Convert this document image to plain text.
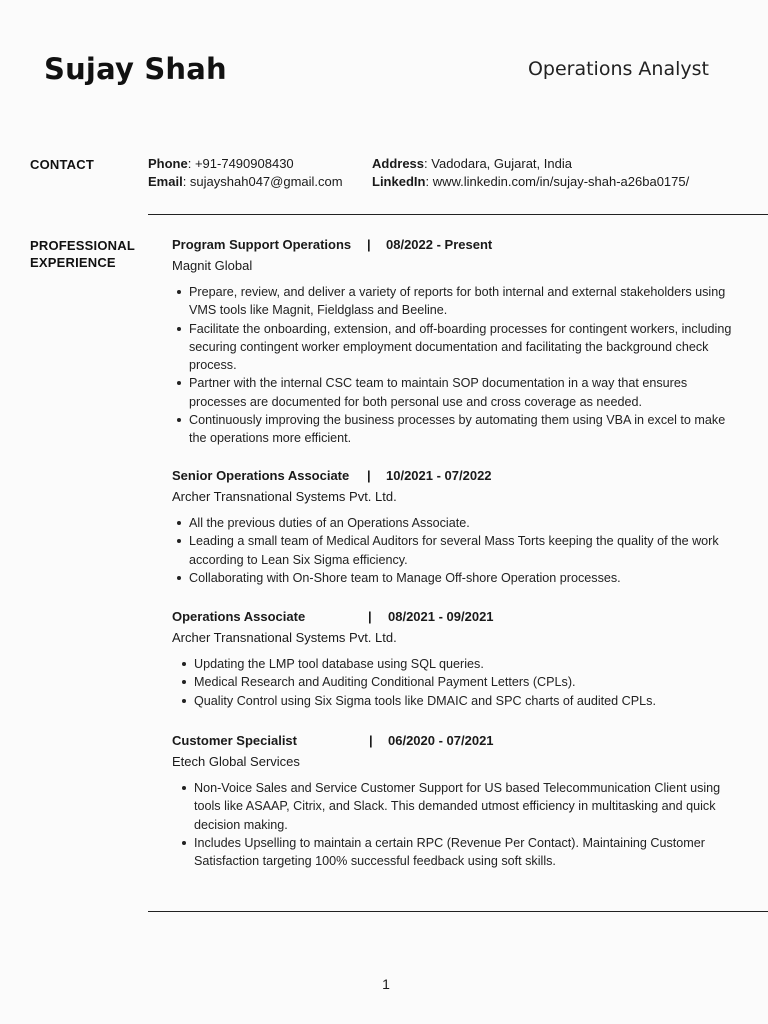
Sujay Shah	Operations Analyst
CONTACT	Phone: +91-7490908430
Email: sujayshah047@gmail.com
Address: Vadodara, Gujarat, India
LinkedIn: www.linkedin.com/in/sujay-shah-a26ba0175/
PROFESSIONAL
EXPERIENCE
Program Support Operations | 08/2022 - Present
Magnit Global
Prepare, review, and deliver a variety of reports for both internal and external stakeholders using VMS tools like Magnit, Fieldglass and Beeline.
Facilitate the onboarding, extension, and off-boarding processes for contingent workers, including securing contingent worker employment documentation and facilitating the background check process.
Partner with the internal CSC team to maintain SOP documentation in a way that ensures processes are documented for both personal use and cross coverage as needed.
Continuously improving the business processes by automating them using VBA in excel to make the operations more efficient.
Senior Operations Associate | 10/2021 - 07/2022
Archer Transnational Systems Pvt. Ltd.
All the previous duties of an Operations Associate.
Leading a small team of Medical Auditors for several Mass Torts keeping the quality of the work according to Lean Six Sigma efficiency.
Collaborating with On-Shore team to Manage Off-shore Operation processes.
Operations Associate	| 08/2021 - 09/2021
Archer Transnational Systems Pvt. Ltd.
Updating the LMP tool database using SQL queries.
Medical Research and Auditing Conditional Payment Letters (CPLs).
Quality Control using Six Sigma tools like DMAIC and SPC charts of audited CPLs.
Customer Specialist	| 06/2020 - 07/2021
Etech Global Services
Non-Voice Sales and Service Customer Support for US based Telecommunication Client using tools like ASAAP, Citrix, and Slack. This demanded utmost efficiency in multitasking and quick decision making.
Includes Upselling to maintain a certain RPC (Revenue Per Contact). Maintaining Customer Satisfaction targeting 100% successful feedback using soft skills.
1
